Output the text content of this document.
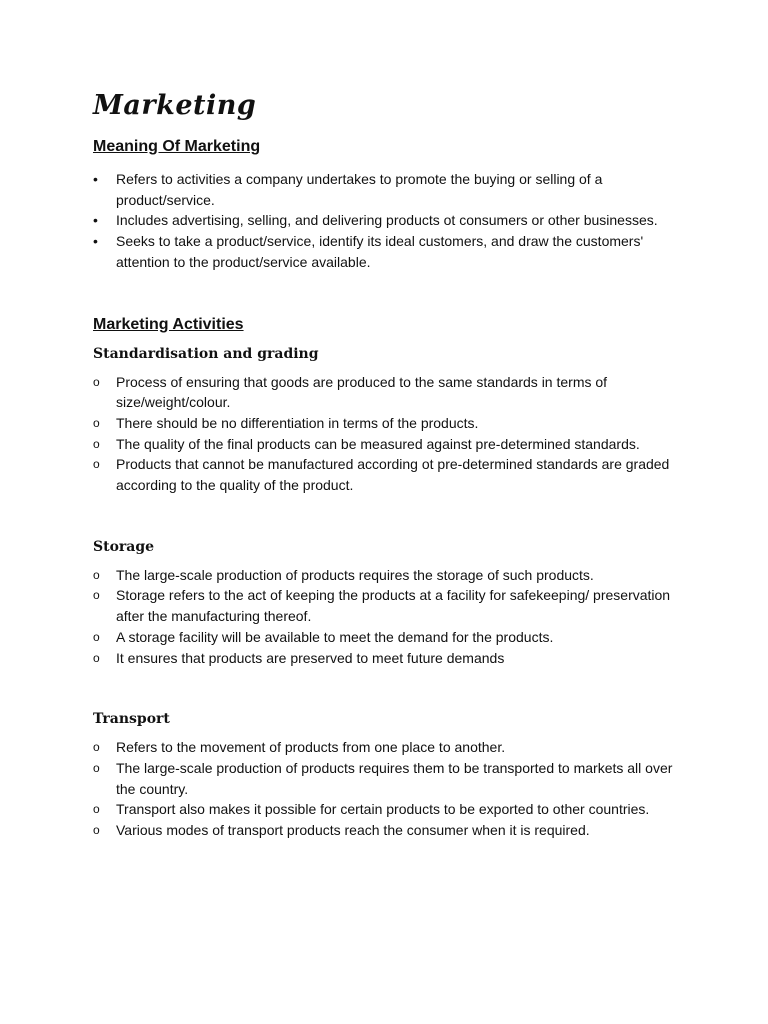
Marketing
Meaning Of Marketing
•	Refers to activities a company undertakes to promote the buying or selling of a product/service.
•	Includes advertising, selling, and delivering products ot consumers or other businesses.
•	Seeks to take a product/service, identify its ideal customers, and draw the customers' attention to the product/service available.
Marketing Activities
Standardisation and grading
o	Process of ensuring that goods are produced to the same standards in terms of size/weight/colour.
o	There should be no differentiation in terms of the products.
o	The quality of the final products can be measured against pre-determined standards.
o	Products that cannot be manufactured according ot pre-determined standards are graded according to the quality of the product.
Storage
o	The large-scale production of products requires the storage of such products.
o	Storage refers to the act of keeping the products at a facility for safekeeping/ preservation after the manufacturing thereof.
o	A storage facility will be available to meet the demand for the products.
o	It ensures that products are preserved to meet future demands
Transport
o	Refers to the movement of products from one place to another.
o	The large-scale production of products requires them to be transported to markets all over the country.
o	Transport also makes it possible for certain products to be exported to other countries.
o	Various modes of transport products reach the consumer when it is required.
